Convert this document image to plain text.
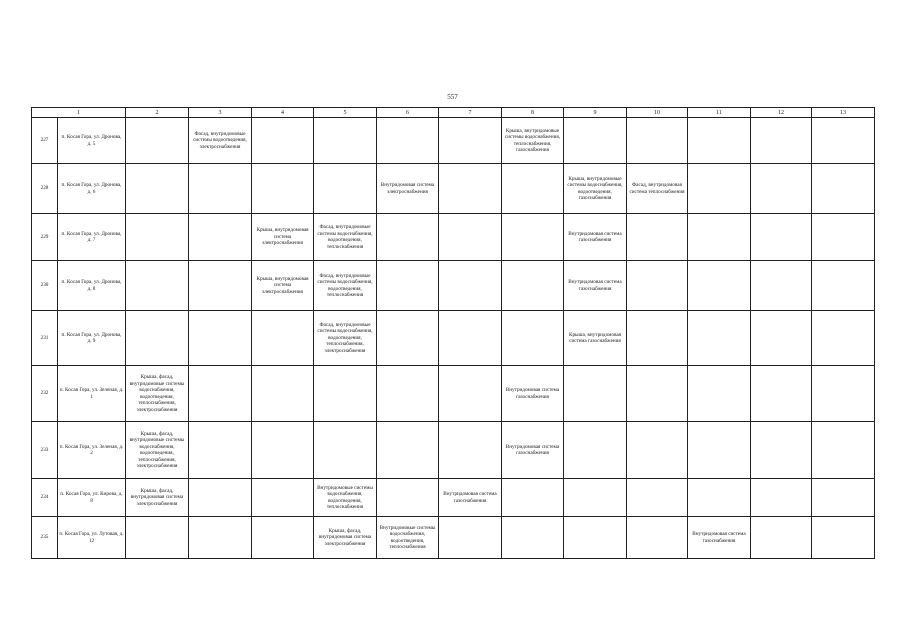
557
1		2	3	4	5	6	7	8	9	10	11	12	13
227	п. Косая Гора, ул. Дронова, д. 5		Фасад, внутридомовые системы водоотведения, электроснабжения					Крыша, внутридомовые системы водоснабжения, теплоснабжения, газоснабжения					
228	п. Косая Гора, ул. Дронова, д. 6					Внутридомовая система электроснабжения			Крыша, внутридомовые системы водоснабжения, водоотведения, газоснабжения	Фасад, внутридомовая система теплоснабжения			
229	п. Косая Гора, ул. Дронова, д. 7			Крыша, внутридомовая система электроснабжения	Фасад, внутридомовые системы водоснабжения, водоотведения, теплоснабжения				Внутридомовая система газоснабжения				
230	п. Косая Гора, ул. Дронова, д. 8			Крыша, внутридомовая система электроснабжения	Фасад, внутридомовые системы водоснабжения, водоотведения, теплоснабжения				Внутридомовая система газоснабжения				
231	п. Косая Гора, ул. Дронова, д. 9				Фасад, внутридомовые системы водоснабжения, водоотведения, теплоснабжения, электроснабжения				Крыша, внутридомовая система газоснабжения				
232	п. Косая Гора, ул. Зеленая, д. 1	Крыша, фасад, внутридомовые системы водоснабжения, водоотведения, теплоснабжения, электроснабжения						Внутридомовая система газоснабжения					
233	п. Косая Гора, ул. Зеленая, д. 2	Крыша, фасад, внутридомовые системы водоснабжения, водоотведения, теплоснабжения, электроснабжения						Внутридомовая система газоснабжения					
234	п. Косая Гора, ул. Кирова, д. 8	Крыша, фасад, внутридомовая система электроснабжения			Внутридомовые системы водоснабжения, водоотведения, теплоснабжения		Внутридомовая система газоснабжения						
235	п. Косая Гора, ул. Лутовая, д. 12				Крыша, фасад, внутридомовая система электроснабжения	Внутридомовые системы водоснабжения, водоотведения, теплоснабжения					Внутридомовая система газоснабжения		
